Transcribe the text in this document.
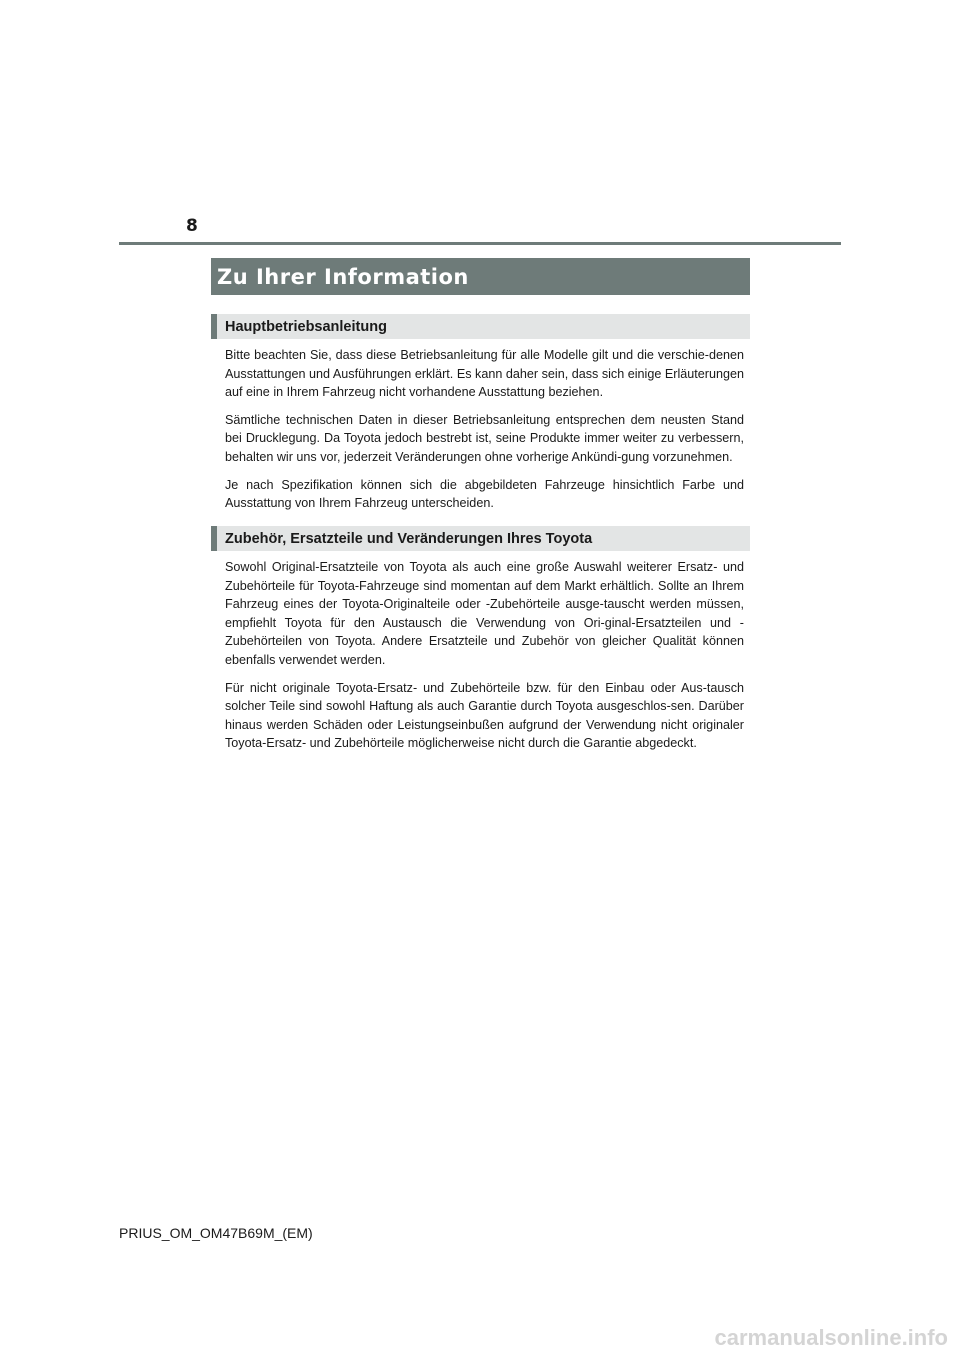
8
Zu Ihrer Information
Hauptbetriebsanleitung

Bitte beachten Sie, dass diese Betriebsanleitung für alle Modelle gilt und die verschie-denen Ausstattungen und Ausführungen erklärt. Es kann daher sein, dass sich einige Erläuterungen auf eine in Ihrem Fahrzeug nicht vorhandene Ausstattung beziehen.

Sämtliche technischen Daten in dieser Betriebsanleitung entsprechen dem neusten Stand bei Drucklegung. Da Toyota jedoch bestrebt ist, seine Produkte immer weiter zu verbessern, behalten wir uns vor, jederzeit Veränderungen ohne vorherige Ankündi-gung vorzunehmen.

Je nach Spezifikation können sich die abgebildeten Fahrzeuge hinsichtlich Farbe und Ausstattung von Ihrem Fahrzeug unterscheiden.

Zubehör, Ersatzteile und Veränderungen Ihres Toyota

Sowohl Original-Ersatzteile von Toyota als auch eine große Auswahl weiterer Ersatz- und Zubehörteile für Toyota-Fahrzeuge sind momentan auf dem Markt erhältlich. Sollte an Ihrem Fahrzeug eines der Toyota-Originalteile oder -Zubehörteile ausge-tauscht werden müssen, empfiehlt Toyota für den Austausch die Verwendung von Ori-ginal-Ersatzteilen und -Zubehörteilen von Toyota. Andere Ersatzteile und Zubehör von gleicher Qualität können ebenfalls verwendet werden.

Für nicht originale Toyota-Ersatz- und Zubehörteile bzw. für den Einbau oder Aus-tausch solcher Teile sind sowohl Haftung als auch Garantie durch Toyota ausgeschlos-sen. Darüber hinaus werden Schäden oder Leistungseinbußen aufgrund der Verwendung nicht originaler Toyota-Ersatz- und Zubehörteile möglicherweise nicht durch die Garantie abgedeckt.

PRIUS_OM_OM47B69M_(EM)
carmanualsonline.info
